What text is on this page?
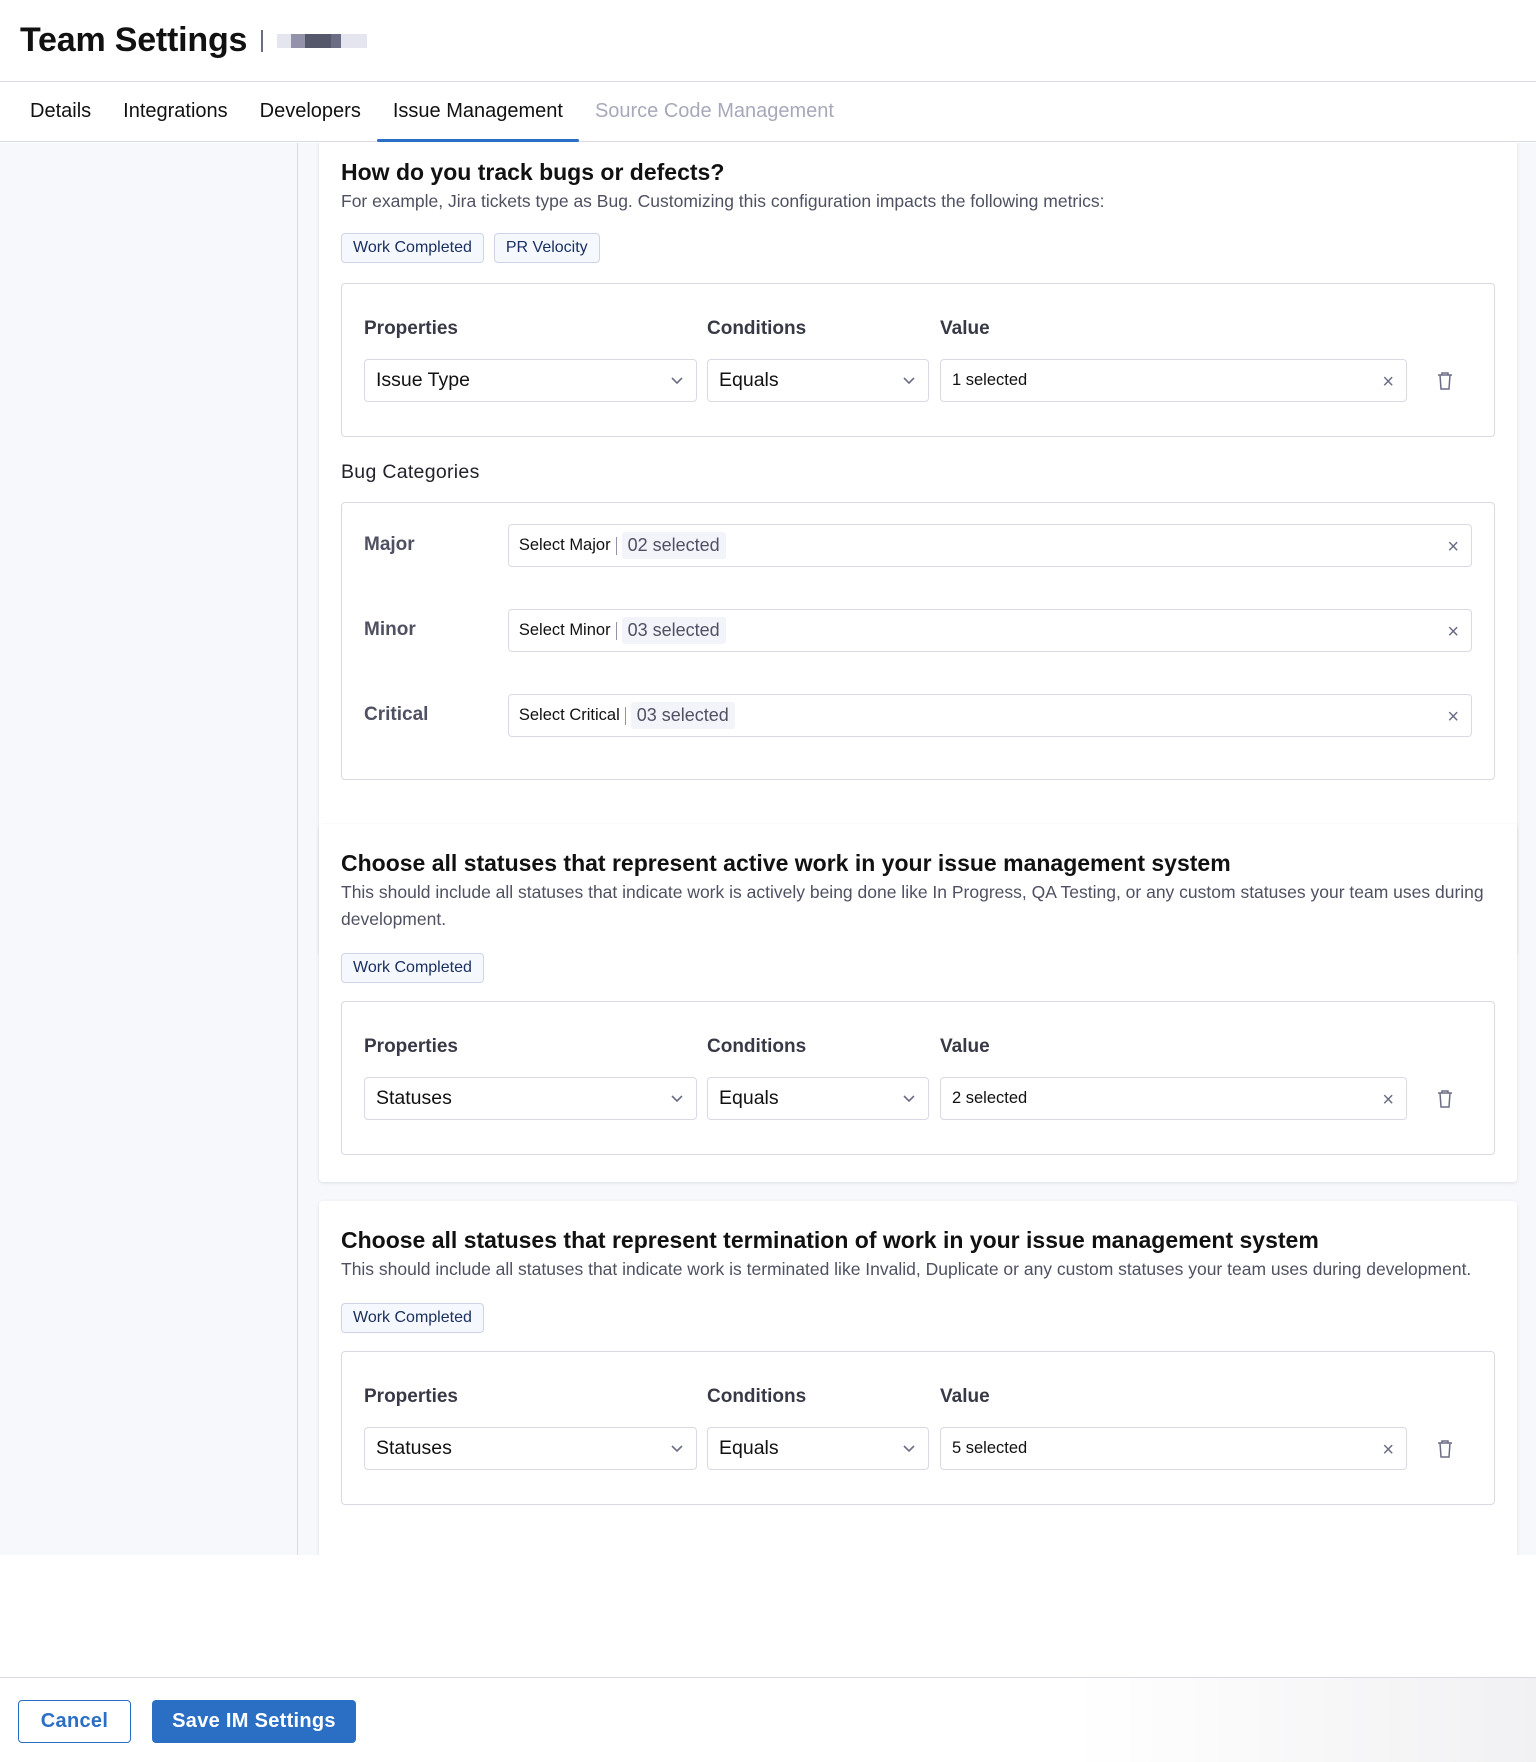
Team Settings
Details	Integrations	Developers	Issue Management	Source Code Management
How do you track bugs or defects?
For example, Jira tickets type as Bug. Customizing this configuration impacts the following metrics:
Work Completed	PR Velocity
Properties	Conditions	Value
Issue Type	Equals	1 selected	×
Bug Categories
Major	Select Major 02 selected	×
Minor	Select Minor 03 selected	×
Critical	Select Critical 03 selected	×
Choose all statuses that represent active work in your issue management system
This should include all statuses that indicate work is actively being done like In Progress, QA Testing, or any custom statuses your team uses during development.
Work Completed
Properties	Conditions	Value
Statuses	Equals	2 selected	×
Choose all statuses that represent termination of work in your issue management system
This should include all statuses that indicate work is terminated like Invalid, Duplicate or any custom statuses your team uses during development.
Work Completed
Properties	Conditions	Value
Statuses	Equals	5 selected	×
Cancel	Save IM Settings
